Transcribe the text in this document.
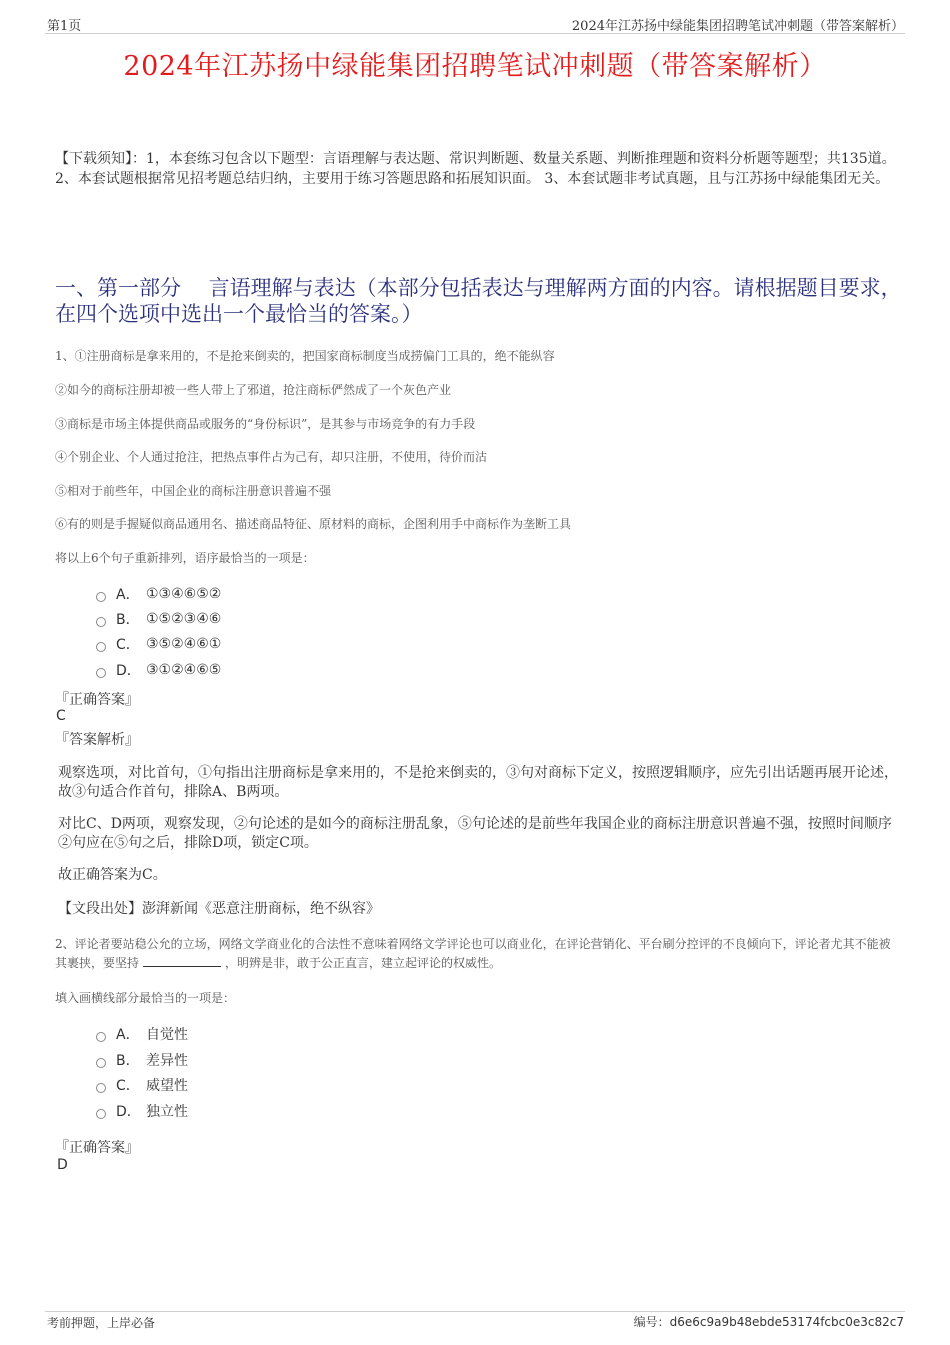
第1页	2024年江苏扬中绿能集团招聘笔试冲刺题（带答案解析）
2024年江苏扬中绿能集团招聘笔试冲刺题（带答案解析）
【下载须知】：1，本套练习包含以下题型：言语理解与表达题、常识判断题、数量关系题、判断推理题和资料分析题等题型；共135道。 2、本套试题根据常见招考题总结归纳，主要用于练习答题思路和拓展知识面。 3、本套试题非考试真题，且与江苏扬中绿能集团无关。
一、第一部分　 言语理解与表达（本部分包括表达与理解两方面的内容。请根据题目要求，在四个选项中选出一个最恰当的答案。）
1、①注册商标是拿来用的，不是抢来倒卖的，把国家商标制度当成捞偏门工具的，绝不能纵容
②如今的商标注册却被一些人带上了邪道，抢注商标俨然成了一个灰色产业
③商标是市场主体提供商品或服务的“身份标识”，是其参与市场竞争的有力手段
④个别企业、个人通过抢注，把热点事件占为己有，却只注册，不使用，待价而沽
⑤相对于前些年，中国企业的商标注册意识普遍不强
⑥有的则是手握疑似商品通用名、描述商品特征、原材料的商标，企图利用手中商标作为垄断工具
将以上6个句子重新排列，语序最恰当的一项是：
A． ①③④⑥⑤②
B． ①⑤②③④⑥
C． ③⑤②④⑥①
D． ③①②④⑥⑤
『正确答案』
C
『答案解析』
观察选项，对比首句，①句指出注册商标是拿来用的，不是抢来倒卖的，③句对商标下定义，按照逻辑顺序，应先引出话题再展开论述，故③句适合作首句，排除A、B两项。
对比C、D两项，观察发现，②句论述的是如今的商标注册乱象，⑤句论述的是前些年我国企业的商标注册意识普遍不强，按照时间顺序②句应在⑤句之后，排除D项，锁定C项。
故正确答案为C。
【文段出处】澎湃新闻《恶意注册商标，绝不纵容》
2、评论者要站稳公允的立场，网络文学商业化的合法性不意味着网络文学评论也可以商业化，在评论营销化、平台刷分控评的不良倾向下，评论者尤其不能被其裹挟，要坚持	，明辨是非，敢于公正直言，建立起评论的权威性。
填入画横线部分最恰当的一项是：
A． 自觉性
B． 差异性
C． 威望性
D． 独立性
『正确答案』
D
考前押题，上岸必备	编号：d6e6c9a9b48ebde53174fcbc0e3c82c7
